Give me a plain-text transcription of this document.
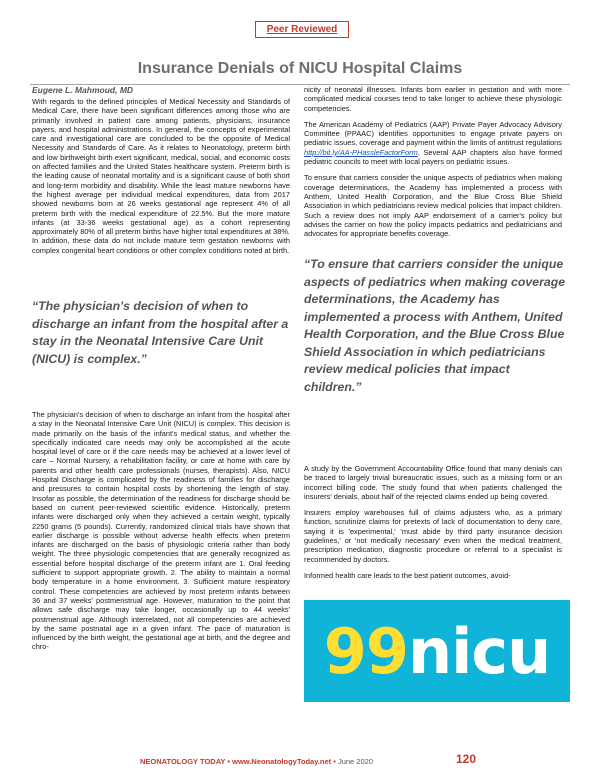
Peer Reviewed
Insurance Denials of NICU Hospital Claims
Eugene L. Mahmoud, MD

With regards to the defined principles of Medical Necessity and Standards of Medical Care, there have been significant differences among those who are primarily involved in patient care among patients, physicians, insurance payers, and hospital administrations. In general, the concepts of experimental care and investigational care are concluded to be the opposite of Medical Necessity and Standards of Care. As it relates to Neonatology, preterm birth and low birthweight birth exert significant, medical, social, and economic costs on affected families and the United States healthcare system. Preterm birth is the leading cause of neonatal mortality and is a significant cause of both short and long-term morbidity and disability. While the least mature newborns have the highest average per individual medical expenditures, data from 2017 showed newborns born at 26 weeks gestational age represent 4% of all preterm birth with the medical expenditure of 22.5%. But the more mature infants (at 33-36 weeks gestational age) as a cohort representing approximately 80% of all preterm births have higher total expenditures at 38%. In addition, these data do not include mature term gestation newborns with complex congenital heart conditions or other complex conditions noted at birth.

“The physician's decision of when to discharge an infant from the hospital after a stay in the Neonatal Intensive Care Unit (NICU) is complex.”

The physician's decision of when to discharge an infant from the hospital after a stay in the Neonatal Intensive Care Unit (NICU) is complex. This decision is made primarily on the basis of the infant's medical status, and whether the specifically indicated care needs may only be accomplished at the acute hospital level of care or if the care needs may be achieved at a lower level of care – Normal Nursery, a rehabilitation facility, or care at home with care by parents and other health care professionals (nurses, therapists). Also, NICU Hospital Discharge is complicated by the readiness of families for discharge and pressures to contain hospital costs by shortening the length of stay. Insofar as possible, the determination of the readiness for discharge should be based on current peer-reviewed scientific evidence. Historically, preterm infants were discharged only when they achieved a certain weight, typically 2250 grams (5 pounds). Currently, randomized clinical trials have shown that earlier discharge is possible without adverse health effects when preterm infants are discharged on the basis of physiologic criteria rather than body weight. The three physiologic competencies that are generally recognized as essential before hospital discharge of the preterm infant are 1. Oral feeding sufficient to support appropriate growth. 2. The ability to maintain a normal body temperature in a home environment. 3. Sufficient mature respiratory control. These competencies are achieved by most preterm infants between 36 and 37 weeks' postmenstrual age. However, maturation to the point that allows safe discharge may take longer, occasionally up to 44 weeks' postmenstrual age. Although interrelated, not all competencies are achieved by the same postnatal age in a given infant. The pace of maturation is influenced by the birth weight, the gestational age at birth, and the degree and chro-

nicity of neonatal illnesses. Infants born earlier in gestation and with more complicated medical courses tend to take longer to achieve these physiologic competencies.

The American Academy of Pediatrics (AAP) Private Payer Advocacy Advisory Committee (PPAAC) identifies opportunities to engage private payers on pediatric issues, coverage and payment within the limits of antitrust regulations http://bit.ly/AA-PHassleFactorForm. Several AAP chapters also have formed pediatric councils to meet with local payers on pediatric issues.

To ensure that carriers consider the unique aspects of pediatrics when making coverage determinations, the Academy has implemented a process with Anthem, United Health Corporation, and the Blue Cross Blue Shield Association in which pediatricians review medical policies that impact children. Such a review does not imply AAP endorsement of a carrier's policy but advises the carrier on how the policy impacts pediatrics and pediatricians and advocates for appropriate benefits coverage.

“To ensure that carriers consider the unique aspects of pediatrics when making coverage determinations, the Academy has implemented a process with Anthem, United Health Corporation, and the Blue Cross Blue Shield Association in which pediatricians review medical policies that impact children.”

A study by the Government Accountability Office found that many denials can be traced to largely trivial bureaucratic issues, such as a missing form or an incorrect billing code. The study found that when patients challenged the insurers' denials, about half of the rejected claims ended up being covered.

Insurers employ warehouses full of claims adjusters who, as a primary function, scrutinize claims for pretexts of lack of documentation to deny care, saying it is 'experimental,' 'must abide by third party insurance decision guidelines,' or 'not medically necessary' even when the medical treatment, prescription medication, diagnostic procedure or referral to a specialist is recommended by doctors.

Informed health care leads to the best patient outcomes, avoid-

99nicu
NEONATOLOGY TODAY • www.NeonatologyToday.net • June 2020	120
